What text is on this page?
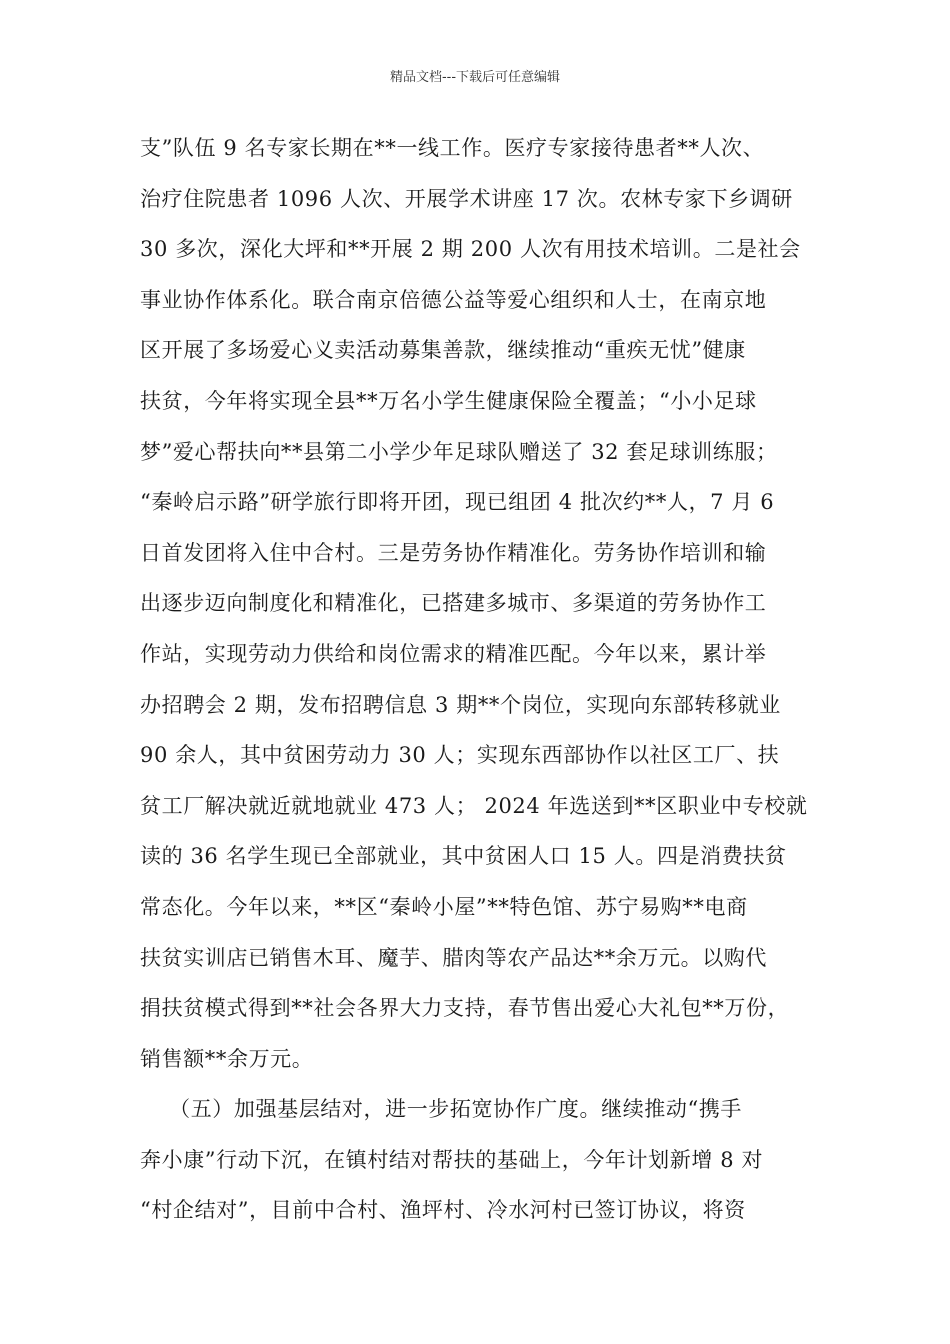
精品文档---下载后可任意编辑
支”队伍 9 名专家长期在**一线工作。医疗专家接待患者**人次、
治疗住院患者 1096 人次、开展学术讲座 17 次。农林专家下乡调研
30 多次，深化大坪和**开展 2 期 200 人次有用技术培训。二是社会
事业协作体系化。联合南京倍德公益等爱心组织和人士，在南京地
区开展了多场爱心义卖活动募集善款，继续推动“重疾无忧”健康
扶贫，今年将实现全县**万名小学生健康保险全覆盖；“小小足球
梦”爱心帮扶向**县第二小学少年足球队赠送了 32 套足球训练服；
“秦岭启示路”研学旅行即将开团，现已组团 4 批次约**人，7 月 6
日首发团将入住中合村。三是劳务协作精准化。劳务协作培训和输
出逐步迈向制度化和精准化，已搭建多城市、多渠道的劳务协作工
作站，实现劳动力供给和岗位需求的精准匹配。今年以来，累计举
办招聘会 2 期，发布招聘信息 3 期**个岗位，实现向东部转移就业
90 余人，其中贫困劳动力 30 人；实现东西部协作以社区工厂、扶
贫工厂解决就近就地就业 473 人； 2024 年选送到**区职业中专校就
读的 36 名学生现已全部就业，其中贫困人口 15 人。四是消费扶贫
常态化。今年以来，**区“秦岭小屋”**特色馆、苏宁易购**电商
扶贫实训店已销售木耳、魔芋、腊肉等农产品达**余万元。以购代
捐扶贫模式得到**社会各界大力支持，春节售出爱心大礼包**万份，
销售额**余万元。
（五）加强基层结对，进一步拓宽协作广度。继续推动“携手
奔小康”行动下沉，在镇村结对帮扶的基础上，今年计划新增 8 对
“村企结对”，目前中合村、渔坪村、冷水河村已签订协议，将资
